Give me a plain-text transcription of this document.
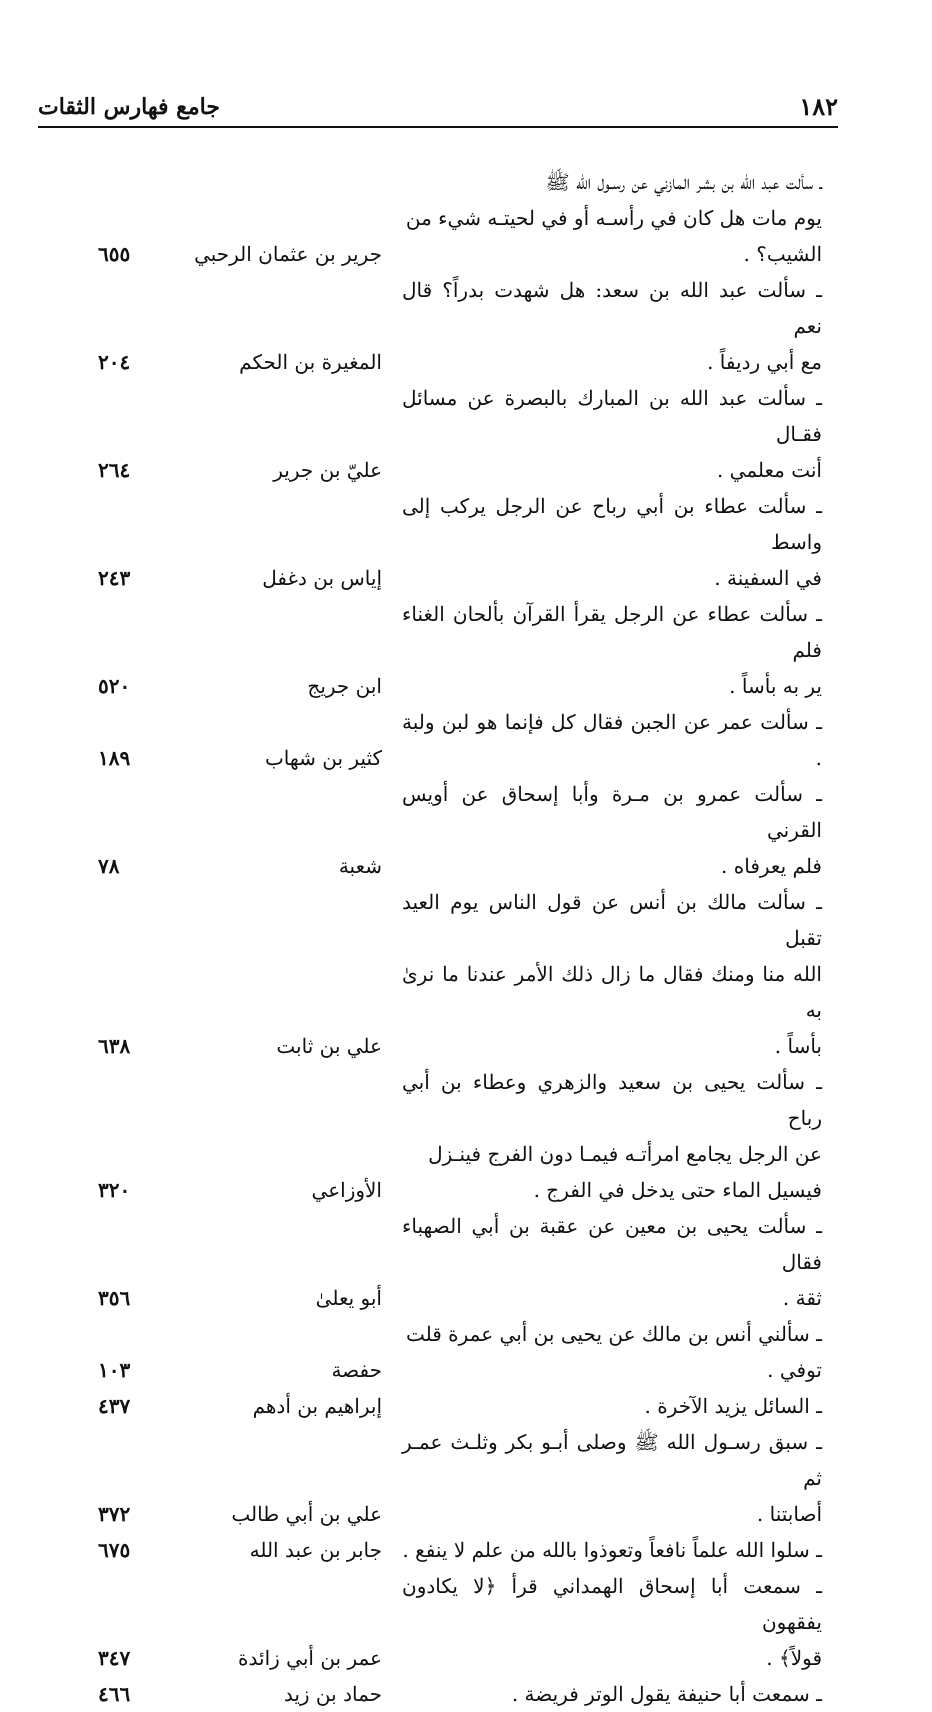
١٨٢
جامع فهارس الثقات
ـ سألت عبد الله بن بشر المازني عن رسـول الله ﷺ
يوم مات هل كان في رأسـه أو في لحيتـه شيء من
الشيب؟ .
جرير بن عثمان الرحبي
٦٥٥
ـ سألت عبد الله بن سعد: هل شهدت بدراً؟ قال نعم
مع أبي رديفاً .
المغيرة بن الحكم
٢٠٤
ـ سألت عبد الله بن المبارك بالبصرة عن مسائل فقـال
أنت معلمي .
عليّ بن جرير
٢٦٤
ـ سألت عطاء بن أبي رباح عن الرجل يركب إلى واسط
في السفينة .
إياس بن دغفل
٢٤٣
ـ سألت عطاء عن الرجل يقرأ القرآن بألحان الغناء فلم
ير به بأساً .
ابن جريج
٥٢٠
ـ سألت عمر عن الجبن فقال كل فإنما هو لبن ولبة .
كثير بن شهاب
١٨٩
ـ سألت عمرو بن مـرة وأبا إسحاق عن أويس القرني
فلم يعرفاه .
شعبة
٧٨
ـ سألت مالك بن أنس عن قول الناس يوم العيد تقبل
الله منا ومنك فقال ما زال ذلك الأمر عندنا ما نرىٰ به
بأساً .
علي بن ثابت
٦٣٨
ـ سألت يحيى بن سعيد والزهري وعطاء بن أبي رباح
عن الرجل يجامع امرأتـه فيمـا دون الفرج فينـزل
فيسيل الماء حتى يدخل في الفرج .
الأوزاعي
٣٢٠
ـ سألت يحيى بن معين عن عقبة بن أبي الصهباء فقال
ثقة .
أبو يعلىٰ
٣٥٦
ـ سألني أنس بن مالك عن يحيى بن أبي عمرة قلت
توفي .
حفصة
١٠٣
ـ السائل يزيد الآخرة .
إبراهيم بن أدهم
٤٣٧
ـ سبق رسـول الله ﷺ وصلى أبـو بكر وثلـث عمـر ثم
أصابتنا .
علي بن أبي طالب
٣٧٢
ـ سلوا الله علماً نافعاً وتعوذوا بالله من علم لا ينفع .
جابر بن عبد الله
٦٧٥
ـ سمعت أبا إسحاق الهمداني قرأ ﴿لا يكادون يفقهون
قولاً﴾ .
عمر بن أبي زائدة
٣٤٧
ـ سمعت أبا حنيفة يقول الوتر فريضة .
حماد بن زيد
٤٦٦
